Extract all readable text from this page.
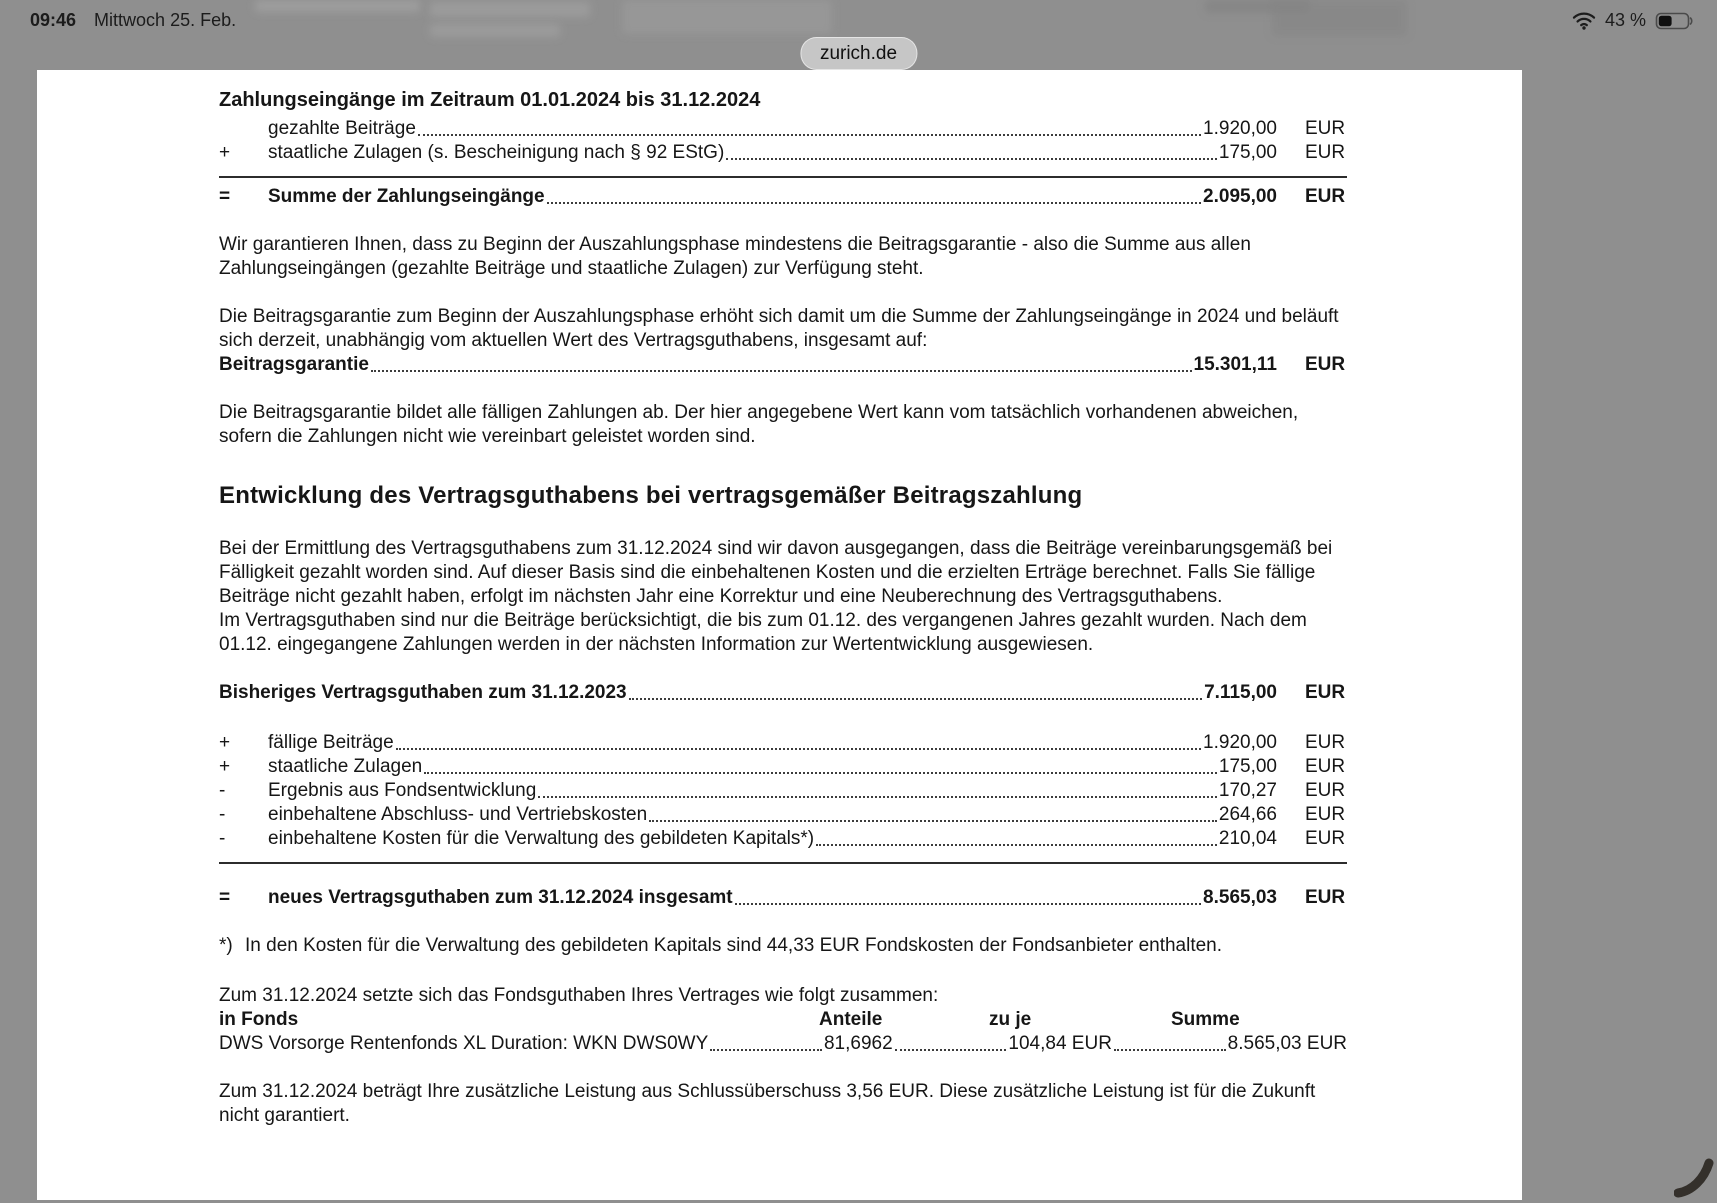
09:46 Mittwoch 25. Feb.	43 %
zurich.de
Zahlungseingänge im Zeitraum 01.01.2024 bis 31.12.2024
gezahlte Beiträge	1.920,00 EUR
+	staatliche Zulagen (s. Bescheinigung nach § 92 EStG)	175,00 EUR
=	Summe der Zahlungseingänge	2.095,00 EUR

Wir garantieren Ihnen, dass zu Beginn der Auszahlungsphase mindestens die Beitragsgarantie - also die Summe aus allen Zahlungseingängen (gezahlte Beiträge und staatliche Zulagen) zur Verfügung steht.

Die Beitragsgarantie zum Beginn der Auszahlungsphase erhöht sich damit um die Summe der Zahlungseingänge in 2024 und beläuft sich derzeit, unabhängig vom aktuellen Wert des Vertragsguthabens, insgesamt auf:

Beitragsgarantie	15.301,11 EUR

Die Beitragsgarantie bildet alle fälligen Zahlungen ab. Der hier angegebene Wert kann vom tatsächlich vorhandenen abweichen, sofern die Zahlungen nicht wie vereinbart geleistet worden sind.

Entwicklung des Vertragsguthabens bei vertragsgemäßer Beitragszahlung

Bei der Ermittlung des Vertragsguthabens zum 31.12.2024 sind wir davon ausgegangen, dass die Beiträge vereinbarungsgemäß bei Fälligkeit gezahlt worden sind. Auf dieser Basis sind die einbehaltenen Kosten und die erzielten Erträge berechnet. Falls Sie fällige Beiträge nicht gezahlt haben, erfolgt im nächsten Jahr eine Korrektur und eine Neuberechnung des Vertragsguthabens.

Im Vertragsguthaben sind nur die Beiträge berücksichtigt, die bis zum 01.12. des vergangenen Jahres gezahlt wurden. Nach dem 01.12. eingegangene Zahlungen werden in der nächsten Information zur Wertentwicklung ausgewiesen.

Bisheriges Vertragsguthaben zum 31.12.2023	7.115,00 EUR
+	fällige Beiträge	1.920,00 EUR
+	staatliche Zulagen	175,00 EUR
-	Ergebnis aus Fondsentwicklung	170,27 EUR
-	einbehaltene Abschluss- und Vertriebskosten	264,66 EUR
-	einbehaltene Kosten für die Verwaltung des gebildeten Kapitals*)	210,04 EUR
=	neues Vertragsguthaben zum 31.12.2024 insgesamt	8.565,03 EUR
*) In den Kosten für die Verwaltung des gebildeten Kapitals sind 44,33 EUR Fondskosten der Fondsanbieter enthalten.

Zum 31.12.2024 setzte sich das Fondsguthaben Ihres Vertrages wie folgt zusammen:

in Fonds	Anteile	zu je	Summe
DWS Vorsorge Rentenfonds XL Duration: WKN DWS0WY	81,6962	104,84 EUR	8.565,03 EUR

Zum 31.12.2024 beträgt Ihre zusätzliche Leistung aus Schlussüberschuss 3,56 EUR. Diese zusätzliche Leistung ist für die Zukunft nicht garantiert.
